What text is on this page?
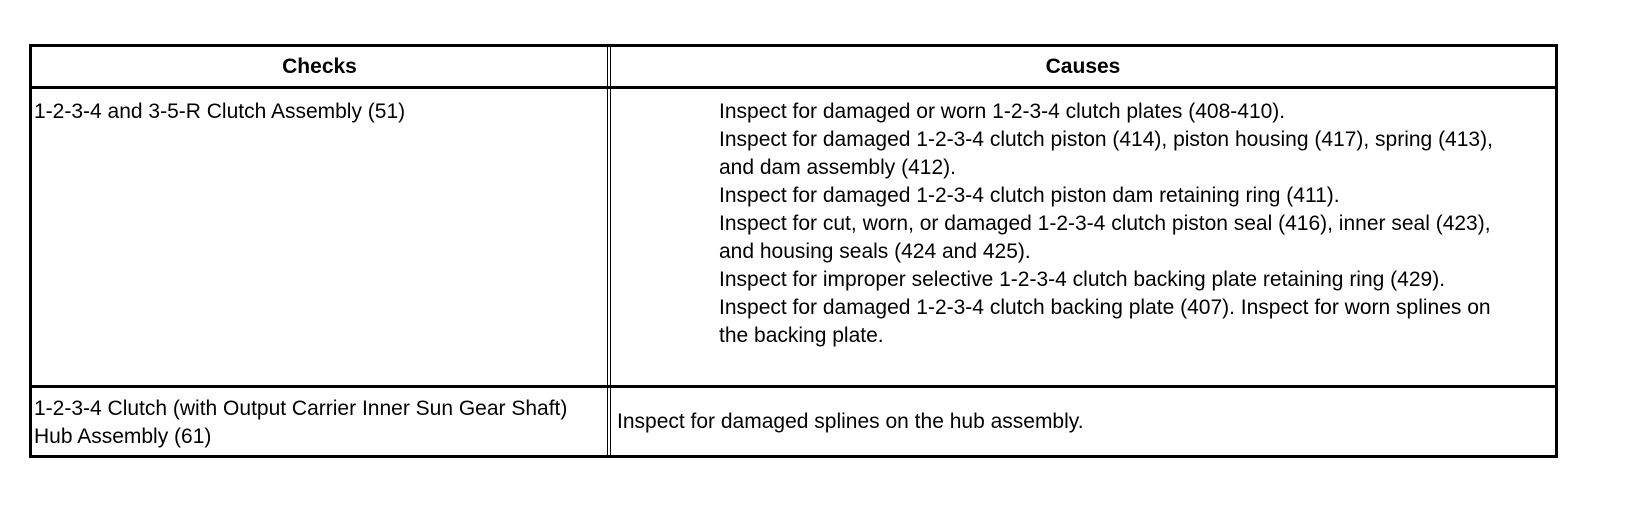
Checks	Causes
1-2-3-4 and 3-5-R Clutch Assembly (51)	Inspect for damaged or worn 1-2-3-4 clutch plates (408-410).
Inspect for damaged 1-2-3-4 clutch piston (414), piston housing (417), spring (413), and dam assembly (412).
Inspect for damaged 1-2-3-4 clutch piston dam retaining ring (411).
Inspect for cut, worn, or damaged 1-2-3-4 clutch piston seal (416), inner seal (423), and housing seals (424 and 425).
Inspect for improper selective 1-2-3-4 clutch backing plate retaining ring (429).
Inspect for damaged 1-2-3-4 clutch backing plate (407). Inspect for worn splines on the backing plate.
1-2-3-4 Clutch (with Output Carrier Inner Sun Gear Shaft) Hub Assembly (61)
Inspect for damaged splines on the hub assembly.
